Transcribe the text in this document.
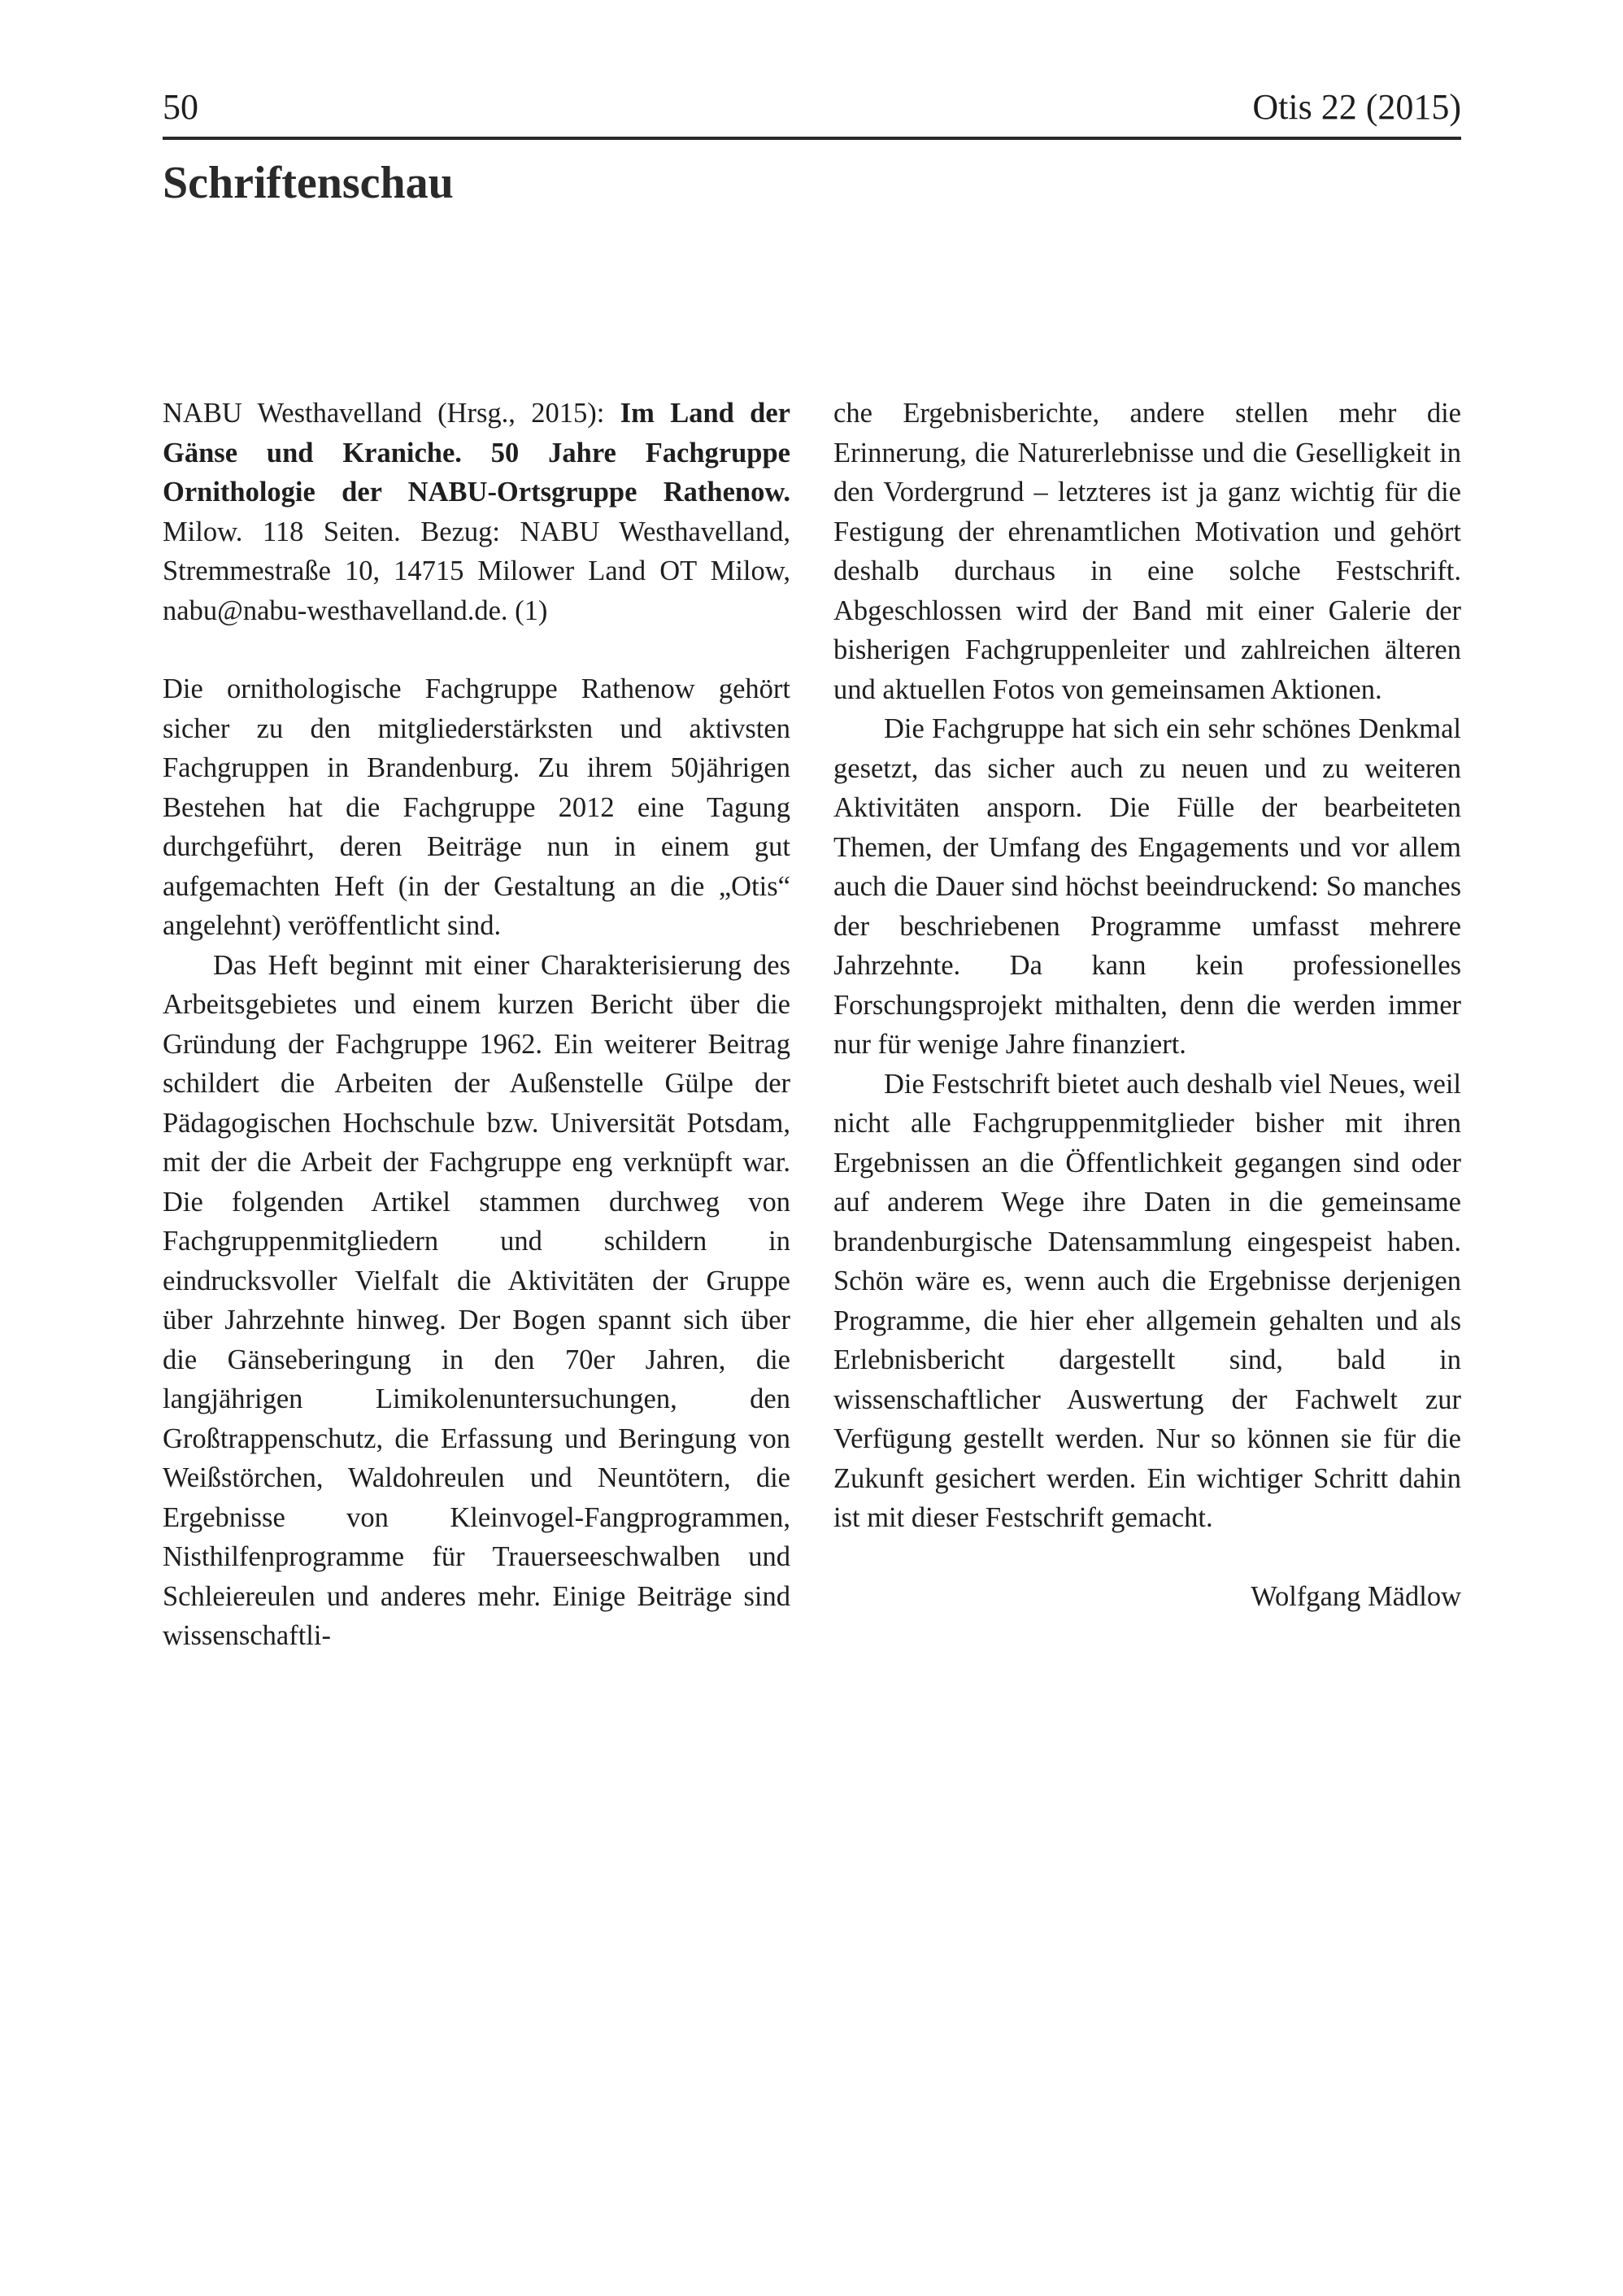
50	Otis 22 (2015)
Schriftenschau

NABU Westhavelland (Hrsg., 2015): Im Land der Gänse und Kraniche. 50 Jahre Fachgruppe Ornithologie der NABU-Ortsgruppe Rathenow. Milow. 118 Seiten. Bezug: NABU Westhavelland, Stremmestraße 10, 14715 Milower Land OT Milow, nabu@nabu-westhavelland.de. (1)

Die ornithologische Fachgruppe Rathenow gehört sicher zu den mitgliederstärksten und aktivsten Fachgruppen in Brandenburg. Zu ihrem 50jährigen Bestehen hat die Fachgruppe 2012 eine Tagung durchgeführt, deren Beiträge nun in einem gut aufgemachten Heft (in der Gestaltung an die „Otis“ angelehnt) veröffentlicht sind.

Das Heft beginnt mit einer Charakterisierung des Arbeitsgebietes und einem kurzen Bericht über die Gründung der Fachgruppe 1962. Ein weiterer Beitrag schildert die Arbeiten der Außenstelle Gülpe der Pädagogischen Hochschule bzw. Universität Potsdam, mit der die Arbeit der Fachgruppe eng verknüpft war. Die folgenden Artikel stammen durchweg von Fachgruppenmitgliedern und schildern in eindrucksvoller Vielfalt die Aktivitäten der Gruppe über Jahrzehnte hinweg. Der Bogen spannt sich über die Gänseberingung in den 70er Jahren, die langjährigen Limikolenuntersuchungen, den Großtrappenschutz, die Erfassung und Beringung von Weißstörchen, Waldohreulen und Neuntötern, die Ergebnisse von Kleinvogel-Fangprogrammen, Nisthilfenprogramme für Trauerseeschwalben und Schleiereulen und anderes mehr. Einige Beiträge sind wissenschaftli-

che Ergebnisberichte, andere stellen mehr die Erinnerung, die Naturerlebnisse und die Geselligkeit in den Vordergrund – letzteres ist ja ganz wichtig für die Festigung der ehrenamtlichen Motivation und gehört deshalb durchaus in eine solche Festschrift. Abgeschlossen wird der Band mit einer Galerie der bisherigen Fachgruppenleiter und zahlreichen älteren und aktuellen Fotos von gemeinsamen Aktionen.

Die Fachgruppe hat sich ein sehr schönes Denkmal gesetzt, das sicher auch zu neuen und zu weiteren Aktivitäten ansporn. Die Fülle der bearbeiteten Themen, der Umfang des Engagements und vor allem auch die Dauer sind höchst beeindruckend: So manches der beschriebenen Programme umfasst mehrere Jahrzehnte. Da kann kein professionelles Forschungsprojekt mithalten, denn die werden immer nur für wenige Jahre finanziert.

Die Festschrift bietet auch deshalb viel Neues, weil nicht alle Fachgruppenmitglieder bisher mit ihren Ergebnissen an die Öffentlichkeit gegangen sind oder auf anderem Wege ihre Daten in die gemeinsame brandenburgische Datensammlung eingespeist haben. Schön wäre es, wenn auch die Ergebnisse derjenigen Programme, die hier eher allgemein gehalten und als Erlebnisbericht dargestellt sind, bald in wissenschaftlicher Auswertung der Fachwelt zur Verfügung gestellt werden. Nur so können sie für die Zukunft gesichert werden. Ein wichtiger Schritt dahin ist mit dieser Festschrift gemacht.

Wolfgang Mädlow
